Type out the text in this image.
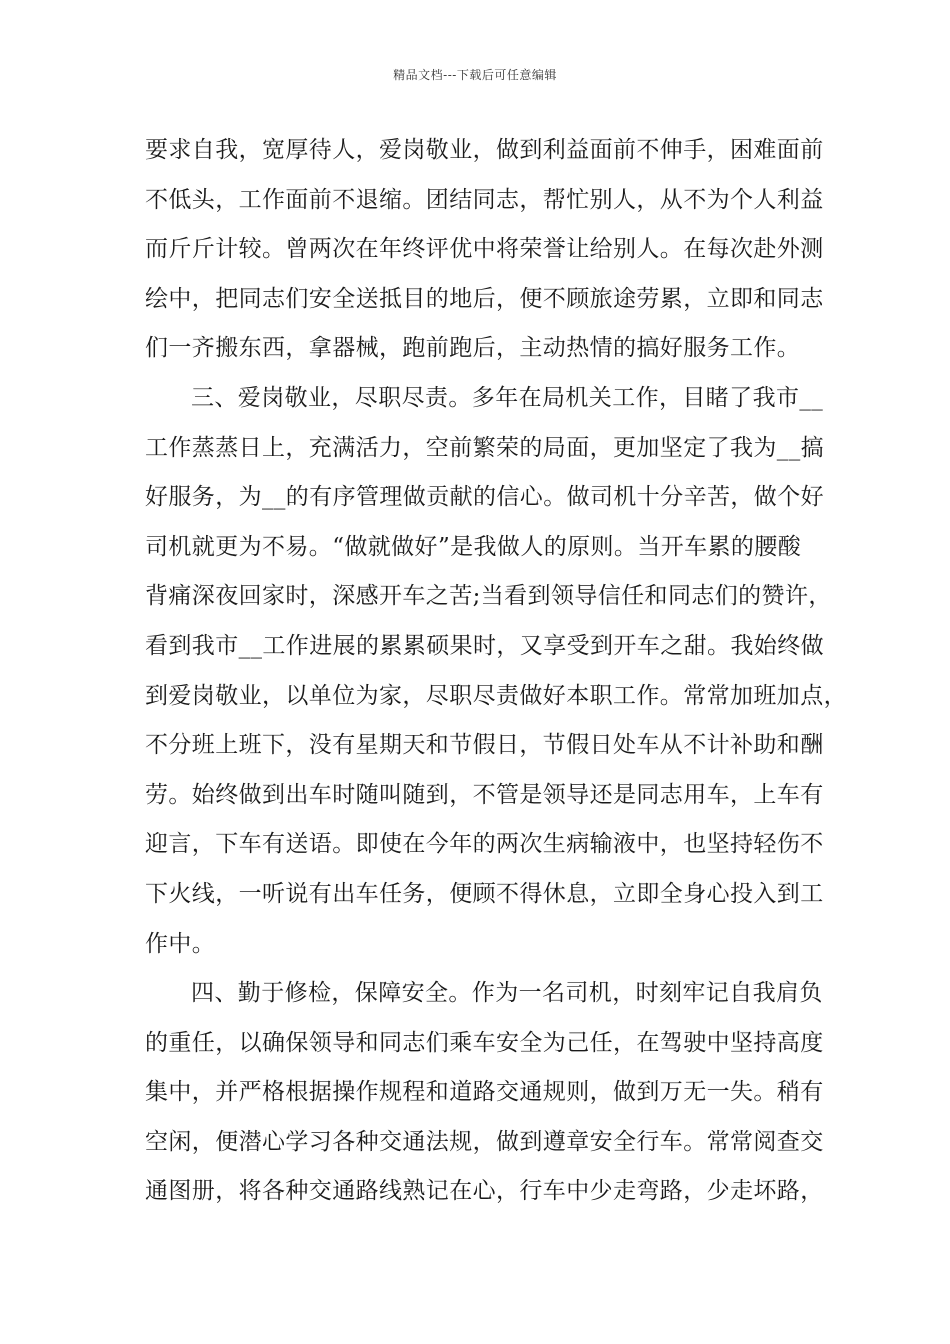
精品文档---下载后可任意编辑
要求自我，宽厚待人，爱岗敬业，做到利益面前不伸手，困难面前
不低头，工作面前不退缩。团结同志，帮忙别人，从不为个人利益
而斤斤计较。曾两次在年终评优中将荣誉让给别人。在每次赴外测
绘中，把同志们安全送抵目的地后，便不顾旅途劳累，立即和同志
们一齐搬东西，拿器械，跑前跑后，主动热情的搞好服务工作。
三、爱岗敬业，尽职尽责。多年在局机关工作，目睹了我市__
工作蒸蒸日上，充满活力，空前繁荣的局面，更加坚定了我为__搞
好服务，为__的有序管理做贡献的信心。做司机十分辛苦，做个好
司机就更为不易。“做就做好”是我做人的原则。当开车累的腰酸
背痛深夜回家时，深感开车之苦;当看到领导信任和同志们的赞许，
看到我市__工作进展的累累硕果时，又享受到开车之甜。我始终做
到爱岗敬业，以单位为家，尽职尽责做好本职工作。常常加班加点，
不分班上班下，没有星期天和节假日，节假日处车从不计补助和酬
劳。始终做到出车时随叫随到，不管是领导还是同志用车，上车有
迎言，下车有送语。即使在今年的两次生病输液中，也坚持轻伤不
下火线，一听说有出车任务，便顾不得休息，立即全身心投入到工
作中。
四、勤于修检，保障安全。作为一名司机，时刻牢记自我肩负
的重任，以确保领导和同志们乘车安全为己任，在驾驶中坚持高度
集中，并严格根据操作规程和道路交通规则，做到万无一失。稍有
空闲，便潜心学习各种交通法规，做到遵章安全行车。常常阅查交
通图册，将各种交通路线熟记在心，行车中少走弯路，少走坏路，
